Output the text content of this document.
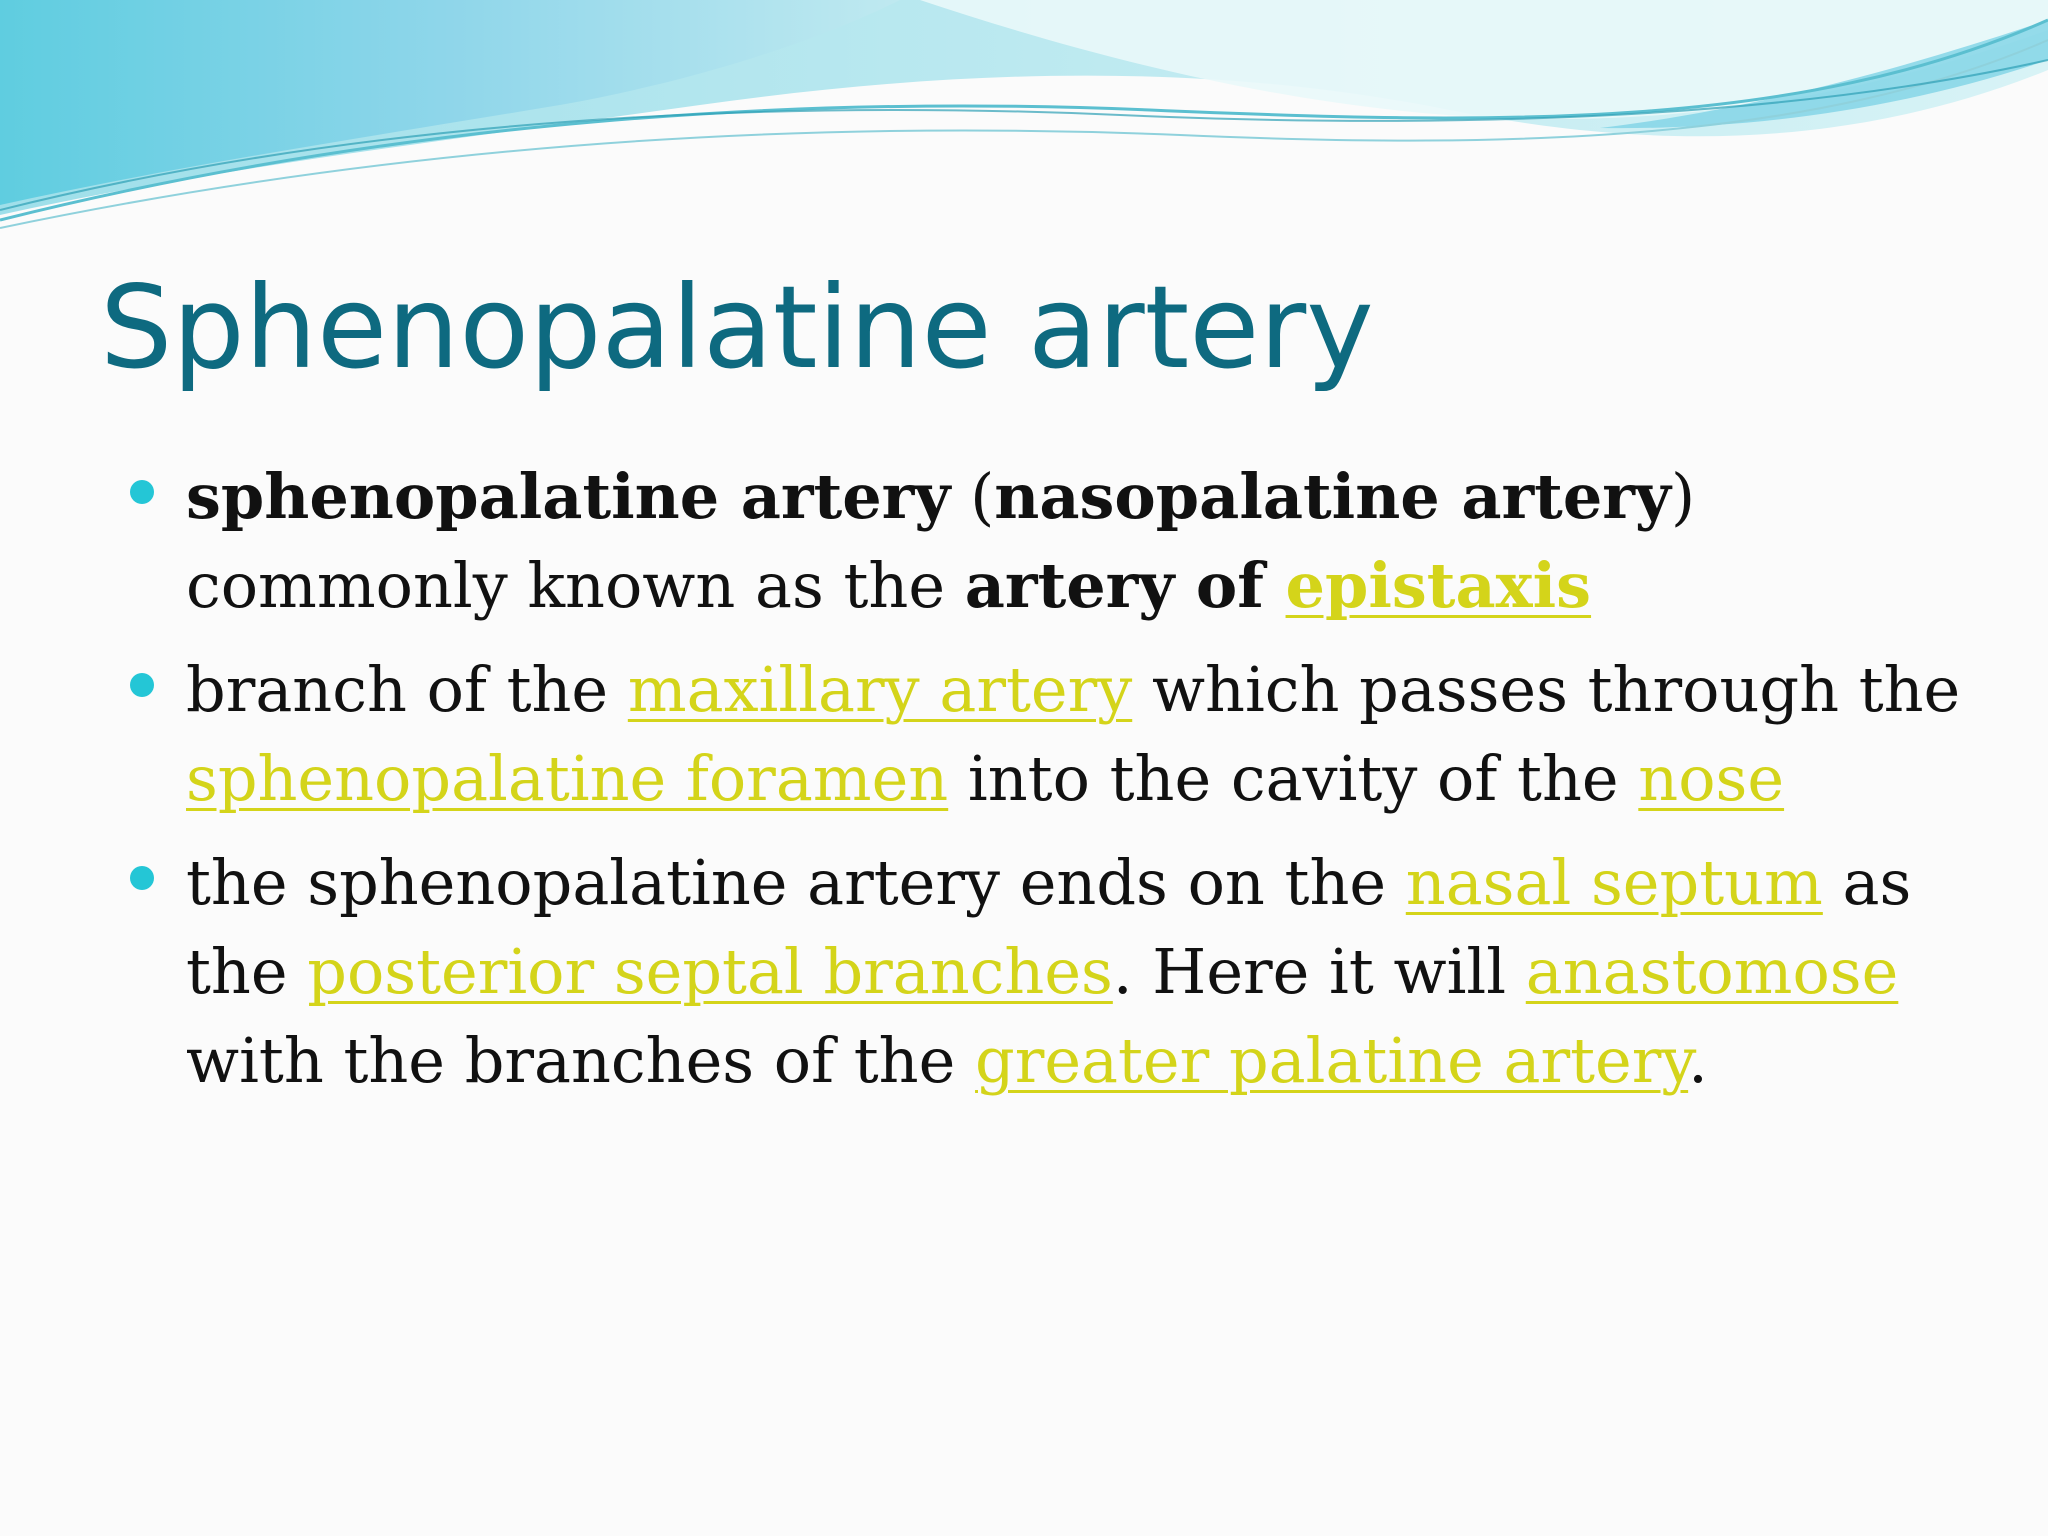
Sphenopalatine artery
sphenopalatine artery (nasopalatine artery) commonly known as the artery of epistaxis
branch of the maxillary artery which passes through the sphenopalatine foramen into the cavity of the nose
the sphenopalatine artery ends on the nasal septum as the posterior septal branches. Here it will anastomose with the branches of the greater palatine artery.
